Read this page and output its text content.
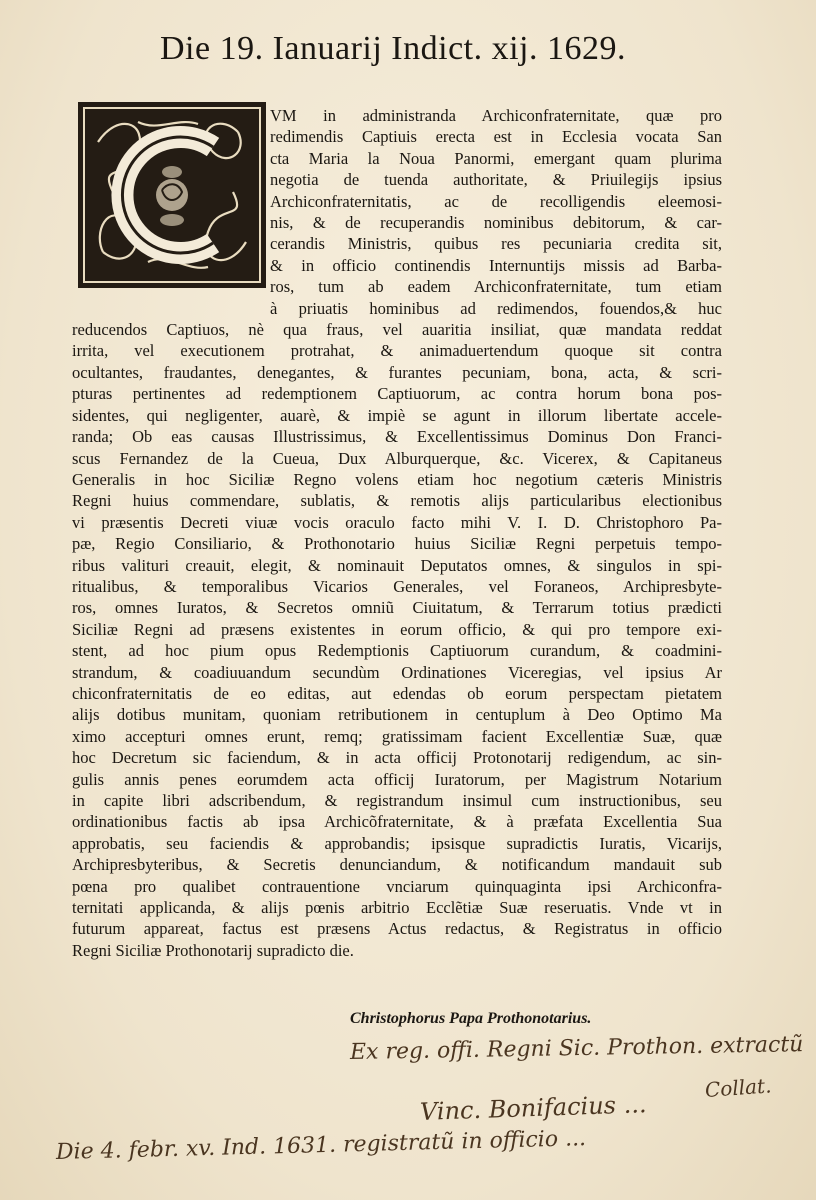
Die 19. Ianuarij Indict. xij. 1629.
VM in administranda Archiconfraternitate, quæ pro
redimendis Captiuis erecta est in Ecclesia vocata San
cta Maria la Noua Panormi, emergant quam plurima
negotia de tuenda authoritate, & Priuilegijs ipsius
Archiconfraternitatis, ac de recolligendis eleemosi-
nis, & de recuperandis nominibus debitorum, & car-
cerandis Ministris, quibus res pecuniaria credita sit,
& in officio continendis Internuntijs missis ad Barba-
ros, tum ab eadem Archiconfraternitate, tum etiam
à priuatis hominibus ad redimendos, fouendos,& huc
reducendos Captiuos, nè qua fraus, vel auaritia insiliat, quæ mandata reddat
irrita, vel executionem protrahat, & animaduertendum quoque sit contra
ocultantes, fraudantes, denegantes, & furantes pecuniam, bona, acta, & scri-
pturas pertinentes ad redemptionem Captiuorum, ac contra horum bona pos-
sidentes, qui negligenter, auarè, & impiè se agunt in illorum libertate accele-
randa; Ob eas causas Illustrissimus, & Excellentissimus Dominus Don Franci-
scus Fernandez de la Cueua, Dux Alburquerque, &c. Vicerex, & Capitaneus
Generalis in hoc Siciliæ Regno volens etiam hoc negotium cæteris Ministris
Regni huius commendare, sublatis, & remotis alijs particularibus electionibus
vi præsentis Decreti viuæ vocis oraculo facto mihi V. I. D. Christophoro Pa-
pæ, Regio Consiliario, & Prothonotario huius Siciliæ Regni perpetuis tempo-
ribus valituri creauit, elegit, & nominauit Deputatos omnes, & singulos in spi-
ritualibus, & temporalibus Vicarios Generales, vel Foraneos, Archipresbyte-
ros, omnes Iuratos, & Secretos omniũ Ciuitatum, & Terrarum totius prædicti
Siciliæ Regni ad præsens existentes in eorum officio, & qui pro tempore exi-
stent, ad hoc pium opus Redemptionis Captiuorum curandum, & coadmini-
strandum, & coadiuuandum secundùm Ordinationes Viceregias, vel ipsius Ar
chiconfraternitatis de eo editas, aut edendas ob eorum perspectam pietatem
alijs dotibus munitam, quoniam retributionem in centuplum à Deo Optimo Ma
ximo accepturi omnes erunt, remq; gratissimam facient Excellentiæ Suæ, quæ
hoc Decretum sic faciendum, & in acta officij Protonotarij redigendum, ac sin-
gulis annis penes eorumdem acta officij Iuratorum, per Magistrum Notarium
in capite libri adscribendum, & registrandum insimul cum instructionibus, seu
ordinationibus factis ab ipsa Archicõfraternitate, & à præfata Excellentia Sua
approbatis, seu faciendis & approbandis; ipsisque supradictis Iuratis, Vicarijs,
Archipresbyteribus, & Secretis denunciandum, & notificandum mandauit sub
pœna pro qualibet contrauentione vnciarum quinquaginta ipsi Archiconfra-
ternitati applicanda, & alijs pœnis arbitrio Ecclẽtiæ Suæ reseruatis. Vnde vt in
futurum appareat, factus est præsens Actus redactus, & Registratus in officio
Regni Siciliæ Prothonotarij supradicto die.
Christophorus Papa Prothonotarius.
Ex reg. offi. Regni Sic. Prothon. extractũ
Collat.
Vinc. Bonifacius ...
Die 4. febr. xv. Ind. 1631. registratũ in officio ...
